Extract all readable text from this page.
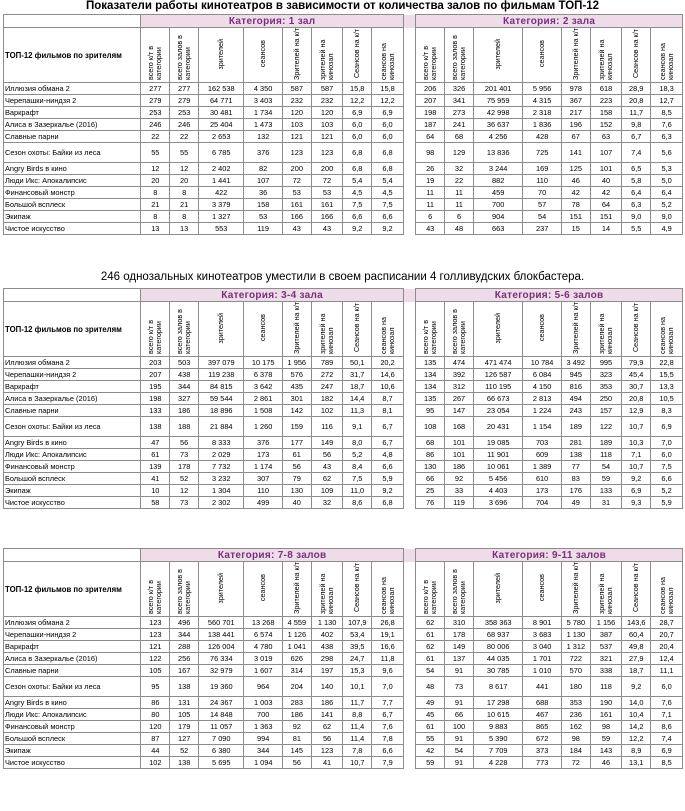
Показатели работы кинотеатров в зависимости от количества залов по фильмам ТОП-12
	Категория: 1 зал									Категория: 2 зала							
ТОП-12 фильмов по зрителям	всего к/т в категории	всего залов в категории	зрителей	сеансов	Зрителей на к/т	зрителей на кинозал	Сеансов на к/т	сеансов на кинозал		всего к/т в категории	всего залов в категории	зрителей	сеансов	Зрителей на к/т	зрителей на кинозал	Сеансов на к/т	сеансов на кинозал
Иллюзия обмана 2	277	277	162 538	4 350	587	587	15,8	15,8		206	326	201 401	5 956	978	618	28,9	18,3
Черепашки-ниндзя 2	279	279	64 771	3 403	232	232	12,2	12,2		207	341	75 959	4 315	367	223	20,8	12,7
Варкрафт	253	253	30 481	1 734	120	120	6,9	6,9		198	273	42 998	2 318	217	158	11,7	8,5
Алиса в Зазеркалье (2016)	246	246	25 404	1 473	103	103	6,0	6,0		187	241	36 637	1 836	196	152	9,8	7,6
Славные парни	22	22	2 653	132	121	121	6,0	6,0		64	68	4 256	428	67	63	6,7	6,3
Сезон охоты: Байки из леса	55	55	6 785	376	123	123	6,8	6,8		98	129	13 836	725	141	107	7,4	5,6
Angry Birds в кино	12	12	2 402	82	200	200	6,8	6,8		26	32	3 244	169	125	101	6,5	5,3
Люди Икс: Апокалипсис	20	20	1 441	107	72	72	5,4	5,4		19	22	882	110	46	40	5,8	5,0
Финансовый монстр	8	8	422	36	53	53	4,5	4,5		11	11	459	70	42	42	6,4	6,4
Большой всплеск	21	21	3 379	158	161	161	7,5	7,5		11	11	700	57	78	64	6,3	5,2
Экипаж	8	8	1 327	53	166	166	6,6	6,6		6	6	904	54	151	151	9,0	9,0
Чистое искусство	13	13	553	119	43	43	9,2	9,2		43	48	663	237	15	14	5,5	4,9
246 однозальных кинотеатров уместили в своем расписании 4 голливудских блокбастера.
	Категория: 3-4 зала									Категория: 5-6 залов							
ТОП-12 фильмов по зрителям	всего к/т в категории	всего залов в категории	зрителей	сеансов	Зрителей на к/т	зрителей на кинозал	Сеансов на к/т	сеансов на кинозал		всего к/т в категории	всего залов в категории	зрителей	сеансов	Зрителей на к/т	зрителей на кинозал	Сеансов на к/т	сеансов на кинозал
Иллюзия обмана 2	203	503	397 079	10 175	1 956	789	50,1	20,2		135	474	471 474	10 784	3 492	995	79,9	22,8
Черепашки-ниндзя 2	207	438	119 238	6 378	576	272	31,7	14,6		134	392	126 587	6 084	945	323	45,4	15,5
Варкрафт	195	344	84 815	3 642	435	247	18,7	10,6		134	312	110 195	4 150	816	353	30,7	13,3
Алиса в Зазеркалье (2016)	198	327	59 544	2 861	301	182	14,4	8,7		135	267	66 673	2 813	494	250	20,8	10,5
Славные парни	133	186	18 896	1 508	142	102	11,3	8,1		95	147	23 054	1 224	243	157	12,9	8,3
Сезон охоты: Байки из леса	138	188	21 884	1 260	159	116	9,1	6,7		108	168	20 431	1 154	189	122	10,7	6,9
Angry Birds в кино	47	56	8 333	376	177	149	8,0	6,7		68	101	19 085	703	281	189	10,3	7,0
Люди Икс: Апокалипсис	61	73	2 029	173	61	56	5,2	4,8		86	101	11 901	609	138	118	7,1	6,0
Финансовый монстр	139	178	7 732	1 174	56	43	8,4	6,6		130	186	10 061	1 389	77	54	10,7	7,5
Большой всплеск	41	52	3 232	307	79	62	7,5	5,9		66	92	5 456	610	83	59	9,2	6,6
Экипаж	10	12	1 304	110	130	109	11,0	9,2		25	33	4 403	173	176	133	6,9	5,2
Чистое искусство	58	73	2 302	499	40	32	8,6	6,8		76	119	3 696	704	49	31	9,3	5,9
	Категория: 7-8 залов									Категория: 9-11 залов							
ТОП-12 фильмов по зрителям	всего к/т в категории	всего залов в категории	зрителей	сеансов	Зрителей на к/т	зрителей на кинозал	Сеансов на к/т	сеансов на кинозал		всего к/т в категории	всего залов в категории	зрителей	сеансов	Зрителей на к/т	зрителей на кинозал	Сеансов на к/т	сеансов на кинозал
Иллюзия обмана 2	123	496	560 701	13 268	4 559	1 130	107,9	26,8		62	310	358 363	8 901	5 780	1 156	143,6	28,7
Черепашки-ниндзя 2	123	344	138 441	6 574	1 126	402	53,4	19,1		61	178	68 937	3 683	1 130	387	60,4	20,7
Варкрафт	121	288	126 004	4 780	1 041	438	39,5	16,6		62	149	80 006	3 040	1 312	537	49,8	20,4
Алиса в Зазеркалье (2016)	122	256	76 334	3 019	626	298	24,7	11,8		61	137	44 035	1 701	722	321	27,9	12,4
Славные парни	105	167	32 979	1 607	314	197	15,3	9,6		54	91	30 785	1 010	570	338	18,7	11,1
Сезон охоты: Байки из леса	95	138	19 360	964	204	140	10,1	7,0		48	73	8 617	441	180	118	9,2	6,0
Angry Birds в кино	86	131	24 367	1 003	283	186	11,7	7,7		49	91	17 298	688	353	190	14,0	7,6
Люди Икс: Апокалипсис	80	105	14 848	700	186	141	8,8	6,7		45	66	10 615	467	236	161	10,4	7,1
Финансовый монстр	120	179	11 057	1 363	92	62	11,4	7,6		61	100	9 883	865	162	98	14,2	8,6
Большой всплеск	87	127	7 090	994	81	56	11,4	7,8		55	91	5 390	672	98	59	12,2	7,4
Экипаж	44	52	6 380	344	145	123	7,8	6,6		42	54	7 709	373	184	143	8,9	6,9
Чистое искусство	102	138	5 695	1 094	56	41	10,7	7,9		59	91	4 228	773	72	46	13,1	8,5
